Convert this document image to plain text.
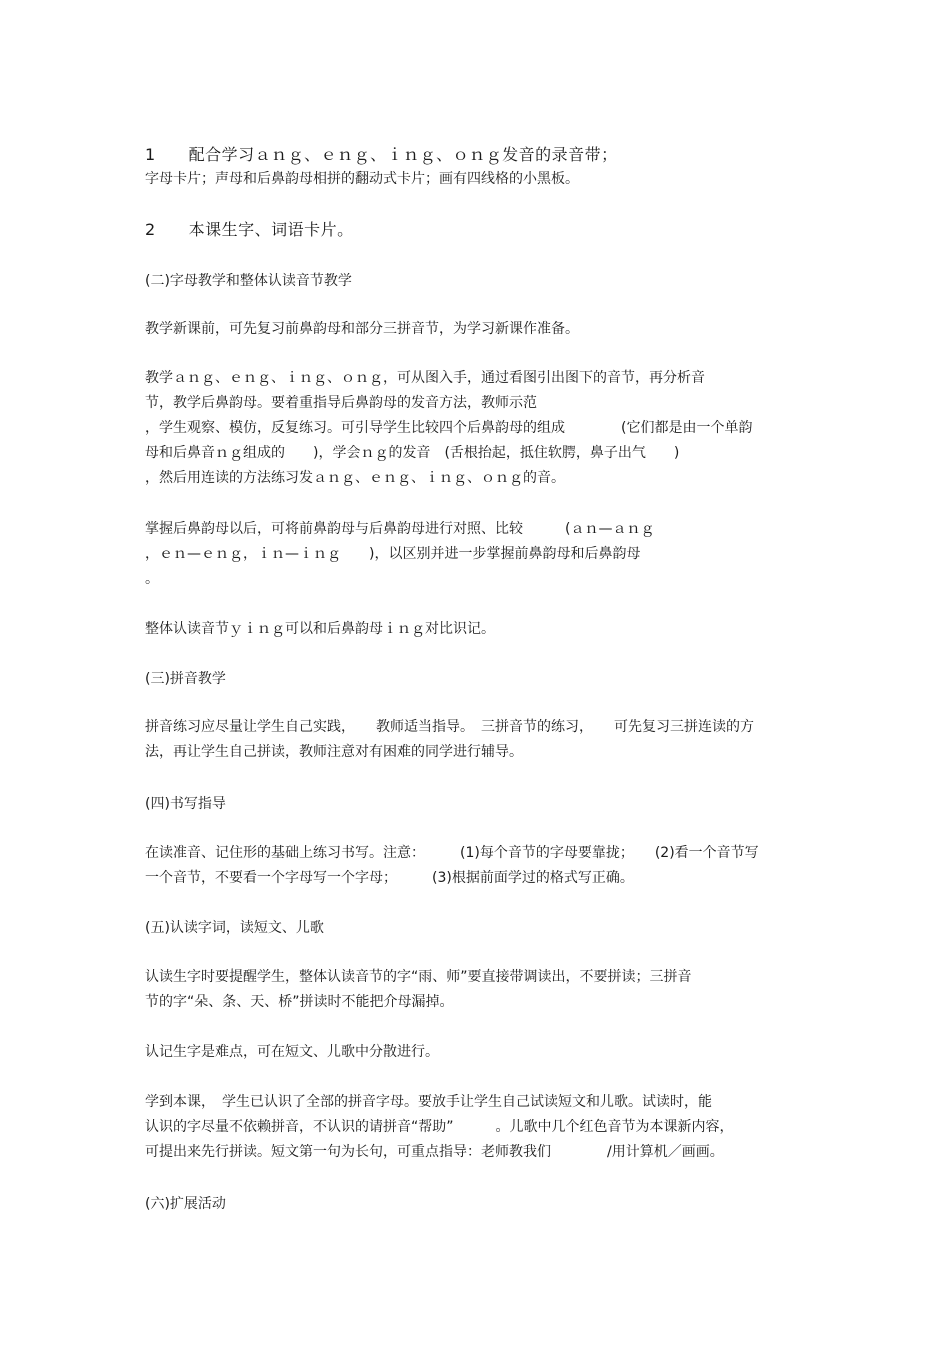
1　　配合学习ａｎｇ、ｅｎｇ、ｉｎｇ、ｏｎｇ发音的录音带；

字母卡片；声母和后鼻韵母相拼的翻动式卡片；画有四线格的小黑板。

2　　本课生字、词语卡片。

(二)字母教学和整体认读音节教学

教学新课前，可先复习前鼻韵母和部分三拼音节，为学习新课作准备。

教学ａｎｇ、ｅｎｇ、ｉｎｇ、ｏｎｇ，可从图入手，通过看图引出图下的音节，再分析音

节，教学后鼻韵母。要着重指导后鼻韵母的发音方法，教师示范

，学生观察、模仿，反复练习。可引导学生比较四个后鼻韵母的组成　　　　(它们都是由一个单韵

母和后鼻音ｎｇ组成的　　)，学会ｎｇ的发音　(舌根抬起，抵住软腭，鼻子出气　　)

，然后用连读的方法练习发ａｎｇ、ｅｎｇ、ｉｎｇ、ｏｎｇ的音。

掌握后鼻韵母以后，可将前鼻韵母与后鼻韵母进行对照、比较　　　(ａｎ—ａｎｇ

，ｅｎ—ｅｎｇ，ｉｎ—ｉｎｇ　　)，以区别并进一步掌握前鼻韵母和后鼻韵母

。

整体认读音节ｙｉｎｇ可以和后鼻韵母ｉｎｇ对比识记。

(三)拼音教学

拼音练习应尽量让学生自己实践，　　教师适当指导。　三拼音节的练习，　　可先复习三拼连读的方

法，再让学生自己拼读，教师注意对有困难的同学进行辅导。

(四)书写指导

在读准音、记住形的基础上练习书写。注意：　　　(1)每个音节的字母要靠拢；　　(2)看一个音节写

一个音节，不要看一个字母写一个字母；　　　(3)根据前面学过的格式写正确。

(五)认读字词，读短文、儿歌

认读生字时要提醒学生，整体认读音节的字“雨、师”要直接带调读出，不要拼读；三拼音

节的字“朵、条、天、桥”拼读时不能把介母漏掉。

认记生字是难点，可在短文、儿歌中分散进行。

学到本课，　学生已认识了全部的拼音字母。要放手让学生自己试读短文和儿歌。试读时，能

认识的字尽量不依赖拼音，不认识的请拼音“帮助”　　　。儿歌中几个红色音节为本课新内容，

可提出来先行拼读。短文第一句为长句，可重点指导：老师教我们　　　　/用计算机／画画。

(六)扩展活动
